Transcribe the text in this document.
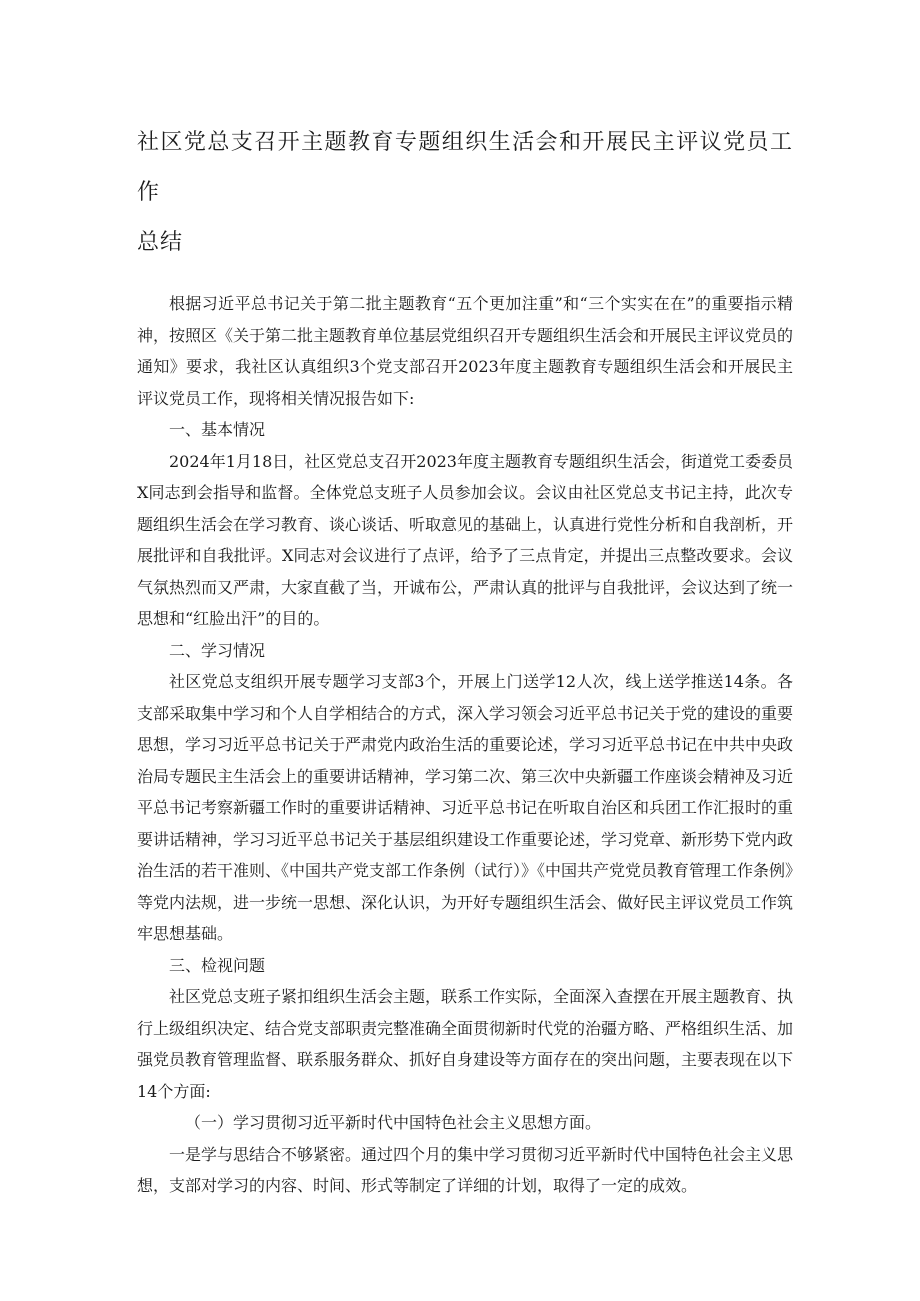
社区党总支召开主题教育专题组织生活会和开展民主评议党员工作
总结

根据习近平总书记关于第二批主题教育“五个更加注重”和“三个实实在在”的重要指示精神，按照区《关于第二批主题教育单位基层党组织召开专题组织生活会和开展民主评议党员的通知》要求，我社区认真组织3个党支部召开2023年度主题教育专题组织生活会和开展民主评议党员工作，现将相关情况报告如下:

一、基本情况

2024年1月18日，社区党总支召开2023年度主题教育专题组织生活会，街道党工委委员X同志到会指导和监督。全体党总支班子人员参加会议。会议由社区党总支书记主持，此次专题组织生活会在学习教育、谈心谈话、听取意见的基础上，认真进行党性分析和自我剖析，开展批评和自我批评。X同志对会议进行了点评，给予了三点肯定，并提出三点整改要求。会议气氛热烈而又严肃，大家直截了当，开诚布公，严肃认真的批评与自我批评，会议达到了统一思想和“红脸出汗”的目的。

二、学习情况

社区党总支组织开展专题学习支部3个，开展上门送学12人次，线上送学推送14条。各支部采取集中学习和个人自学相结合的方式，深入学习领会习近平总书记关于党的建设的重要思想，学习习近平总书记关于严肃党内政治生活的重要论述，学习习近平总书记在中共中央政治局专题民主生活会上的重要讲话精神，学习第二次、第三次中央新疆工作座谈会精神及习近平总书记考察新疆工作时的重要讲话精神、习近平总书记在听取自治区和兵团工作汇报时的重要讲话精神，学习习近平总书记关于基层组织建设工作重要论述，学习党章、新形势下党内政治生活的若干准则、《中国共产党支部工作条例（试行）》《中国共产党党员教育管理工作条例》等党内法规，进一步统一思想、深化认识，为开好专题组织生活会、做好民主评议党员工作筑牢思想基础。

三、检视问题

社区党总支班子紧扣组织生活会主题，联系工作实际，全面深入查摆在开展主题教育、执行上级组织决定、结合党支部职责完整准确全面贯彻新时代党的治疆方略、严格组织生活、加强党员教育管理监督、联系服务群众、抓好自身建设等方面存在的突出问题，主要表现在以下14个方面:

（一）学习贯彻习近平新时代中国特色社会主义思想方面。

一是学与思结合不够紧密。通过四个月的集中学习贯彻习近平新时代中国特色社会主义思想，支部对学习的内容、时间、形式等制定了详细的计划，取得了一定的成效。
